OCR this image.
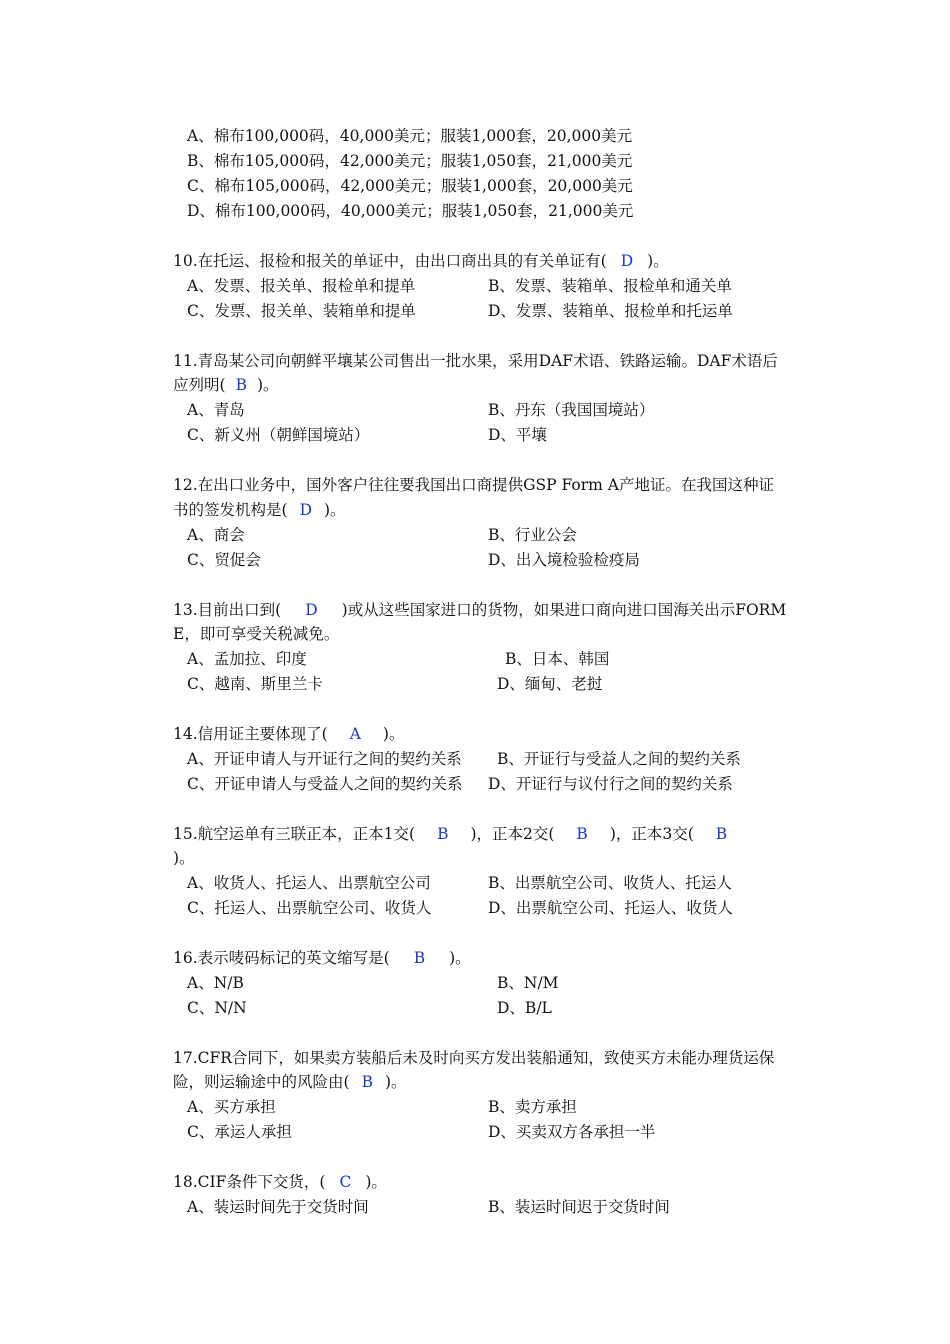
A、棉布100,000码，40,000美元；服装1,000套，20,000美元
B、棉布105,000码，42,000美元；服装1,050套，21,000美元
C、棉布105,000码，42,000美元；服装1,000套，20,000美元
D、棉布100,000码，40,000美元；服装1,050套，21,000美元
10.在托运、报检和报关的单证中，由出口商出具的有关单证有( D )。
A、发票、报关单、报检单和提单	B、发票、装箱单、报检单和通关单
C、发票、报关单、装箱单和提单	D、发票、装箱单、报检单和托运单
11.青岛某公司向朝鲜平壤某公司售出一批水果，采用DAF术语、铁路运输。DAF术语后
应列明( B )。
A、青岛	B、丹东（我国国境站）
C、新义州（朝鲜国境站）	D、平壤
12.在出口业务中，国外客户往往要我国出口商提供GSP Form A产地证。在我国这种证
书的签发机构是( D )。
A、商会	B、行业公会
C、贸促会	D、出入境检验检疫局
13.目前出口到( D )或从这些国家进口的货物，如果进口商向进口国海关出示FORM
E，即可享受关税减免。
A、孟加拉、印度	B、日本、韩国
C、越南、斯里兰卡	D、缅甸、老挝
14.信用证主要体现了( A )。
A、开证申请人与开证行之间的契约关系 B、开证行与受益人之间的契约关系
C、开证申请人与受益人之间的契约关系 D、开证行与议付行之间的契约关系
15.航空运单有三联正本，正本1交( B )，正本2交( B )，正本3交( B
)。
A、收货人、托运人、出票航空公司	B、出票航空公司、收货人、托运人
C、托运人、出票航空公司、收货人	D、出票航空公司、托运人、收货人
16.表示唛码标记的英文缩写是( B )。
A、N/B	B、N/M
C、N/N	D、B/L
17.CFR合同下，如果卖方装船后未及时向买方发出装船通知，致使买方未能办理货运保
险，则运输途中的风险由( B )。
A、买方承担	B、卖方承担
C、承运人承担	D、买卖双方各承担一半
18.CIF条件下交货，( C )。
A、装运时间先于交货时间	B、装运时间迟于交货时间
